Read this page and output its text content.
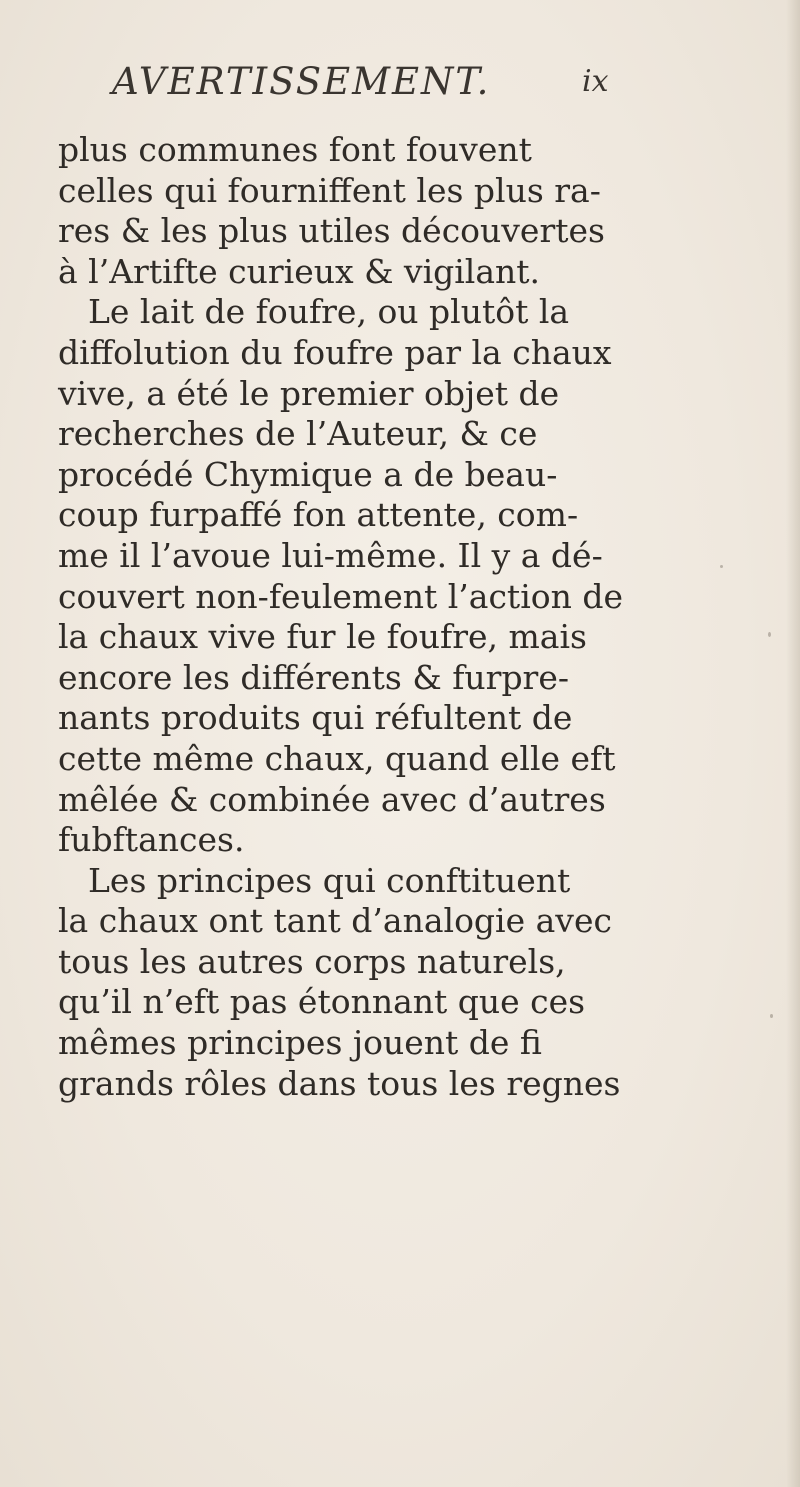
AVERTISSEMENT.	ix
plus communes font fouvent
celles qui fourniffent les plus ra-
res & les plus utiles découvertes
à l’Artifte curieux & vigilant.
Le lait de foufre, ou plutôt la
diffolution du foufre par la chaux
vive, a été le premier objet de
recherches de l’Auteur, & ce
procédé Chymique a de beau-
coup furpaffé fon attente, com-
me il l’avoue lui-même. Il y a dé-
couvert non-feulement l’action de
la chaux vive fur le foufre, mais
encore les différents & furpre-
nants produits qui réfultent de
cette même chaux, quand elle eft
mêlée & combinée avec d’autres
fubftances.
Les principes qui conftituent
la chaux ont tant d’analogie avec
tous les autres corps naturels,
qu’il n’eft pas étonnant que ces
mêmes principes jouent de fi
grands rôles dans tous les regnes
